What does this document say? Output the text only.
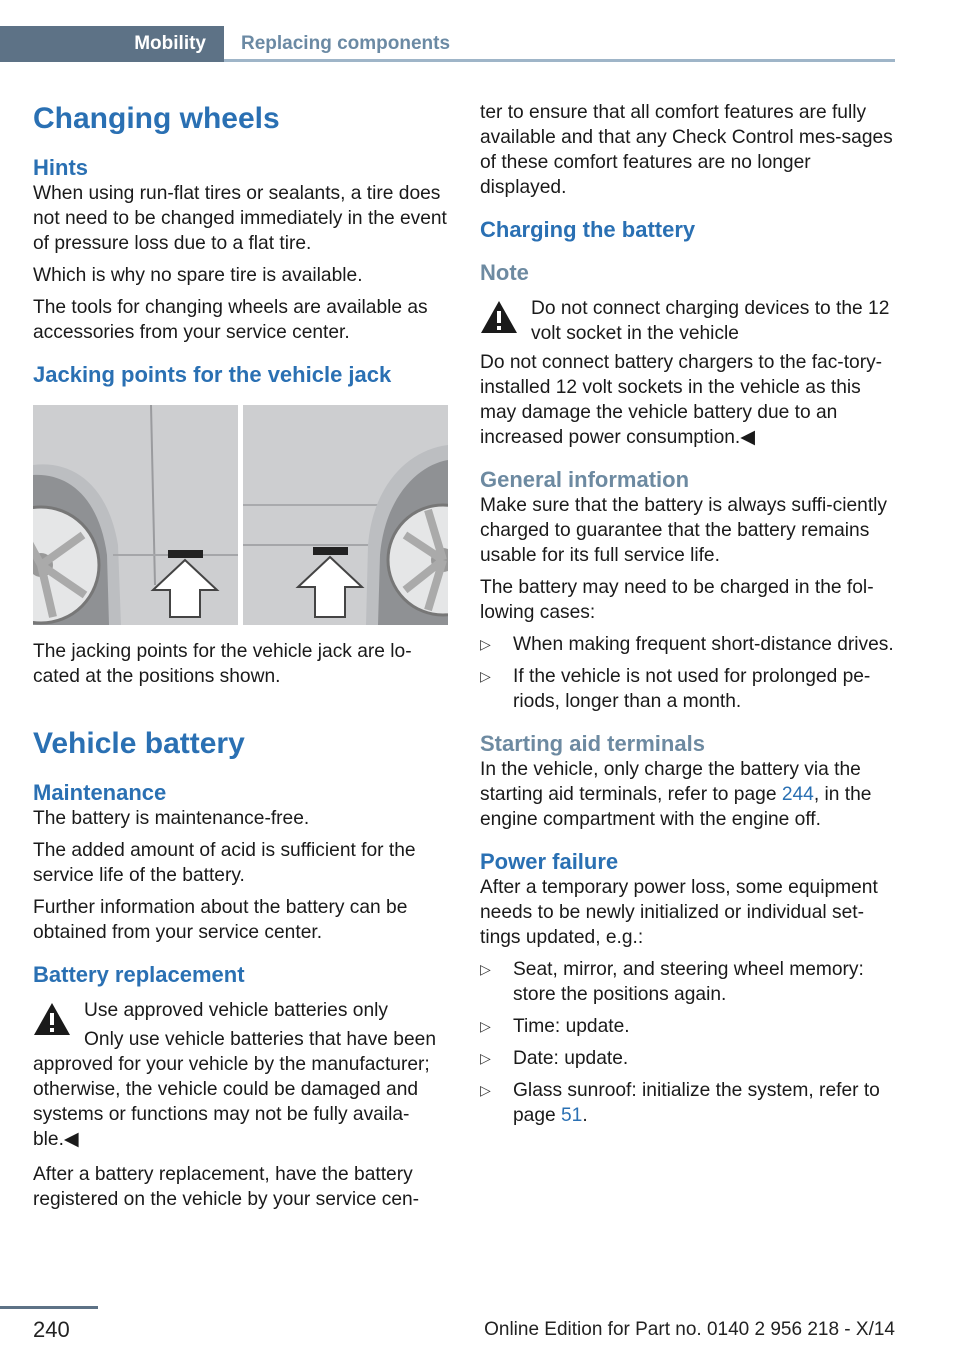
Mobility	Replacing components
Changing wheels
Hints

When using run-flat tires or sealants, a tire does not need to be changed immediately in the event of pressure loss due to a flat tire.

Which is why no spare tire is available.

The tools for changing wheels are available as accessories from your service center.

Jacking points for the vehicle jack

The jacking points for the vehicle jack are lo-cated at the positions shown.

Vehicle battery
Maintenance

The battery is maintenance-free.

The added amount of acid is sufficient for the service life of the battery.

Further information about the battery can be obtained from your service center.

Battery replacement

Use approved vehicle batteries only

Only use vehicle batteries that have been approved for your vehicle by the manufacturer; otherwise, the vehicle could be damaged and systems or functions may not be fully availa-ble.◀

After a battery replacement, have the battery registered on the vehicle by your service cen-

ter to ensure that all comfort features are fully available and that any Check Control mes-sages of these comfort features are no longer displayed.

Charging the battery
Note

Do not connect charging devices to the 12 volt socket in the vehicle

Do not connect battery chargers to the fac-tory-installed 12 volt sockets in the vehicle as this may damage the vehicle battery due to an increased power consumption.◀

General information

Make sure that the battery is always suffi-ciently charged to guarantee that the battery remains usable for its full service life.

The battery may need to be charged in the fol-lowing cases:

▷ When making frequent short-distance drives.
▷ If the vehicle is not used for prolonged pe-riods, longer than a month.
Starting aid terminals

In the vehicle, only charge the battery via the starting aid terminals, refer to page 244, in the engine compartment with the engine off.

Power failure

After a temporary power loss, some equipment needs to be newly initialized or individual set-tings updated, e.g.:

▷ Seat, mirror, and steering wheel memory: store the positions again.
▷ Time: update.
▷ Date: update.
▷ Glass sunroof: initialize the system, refer to page 51.
240	Online Edition for Part no. 0140 2 956 218 - X/14
